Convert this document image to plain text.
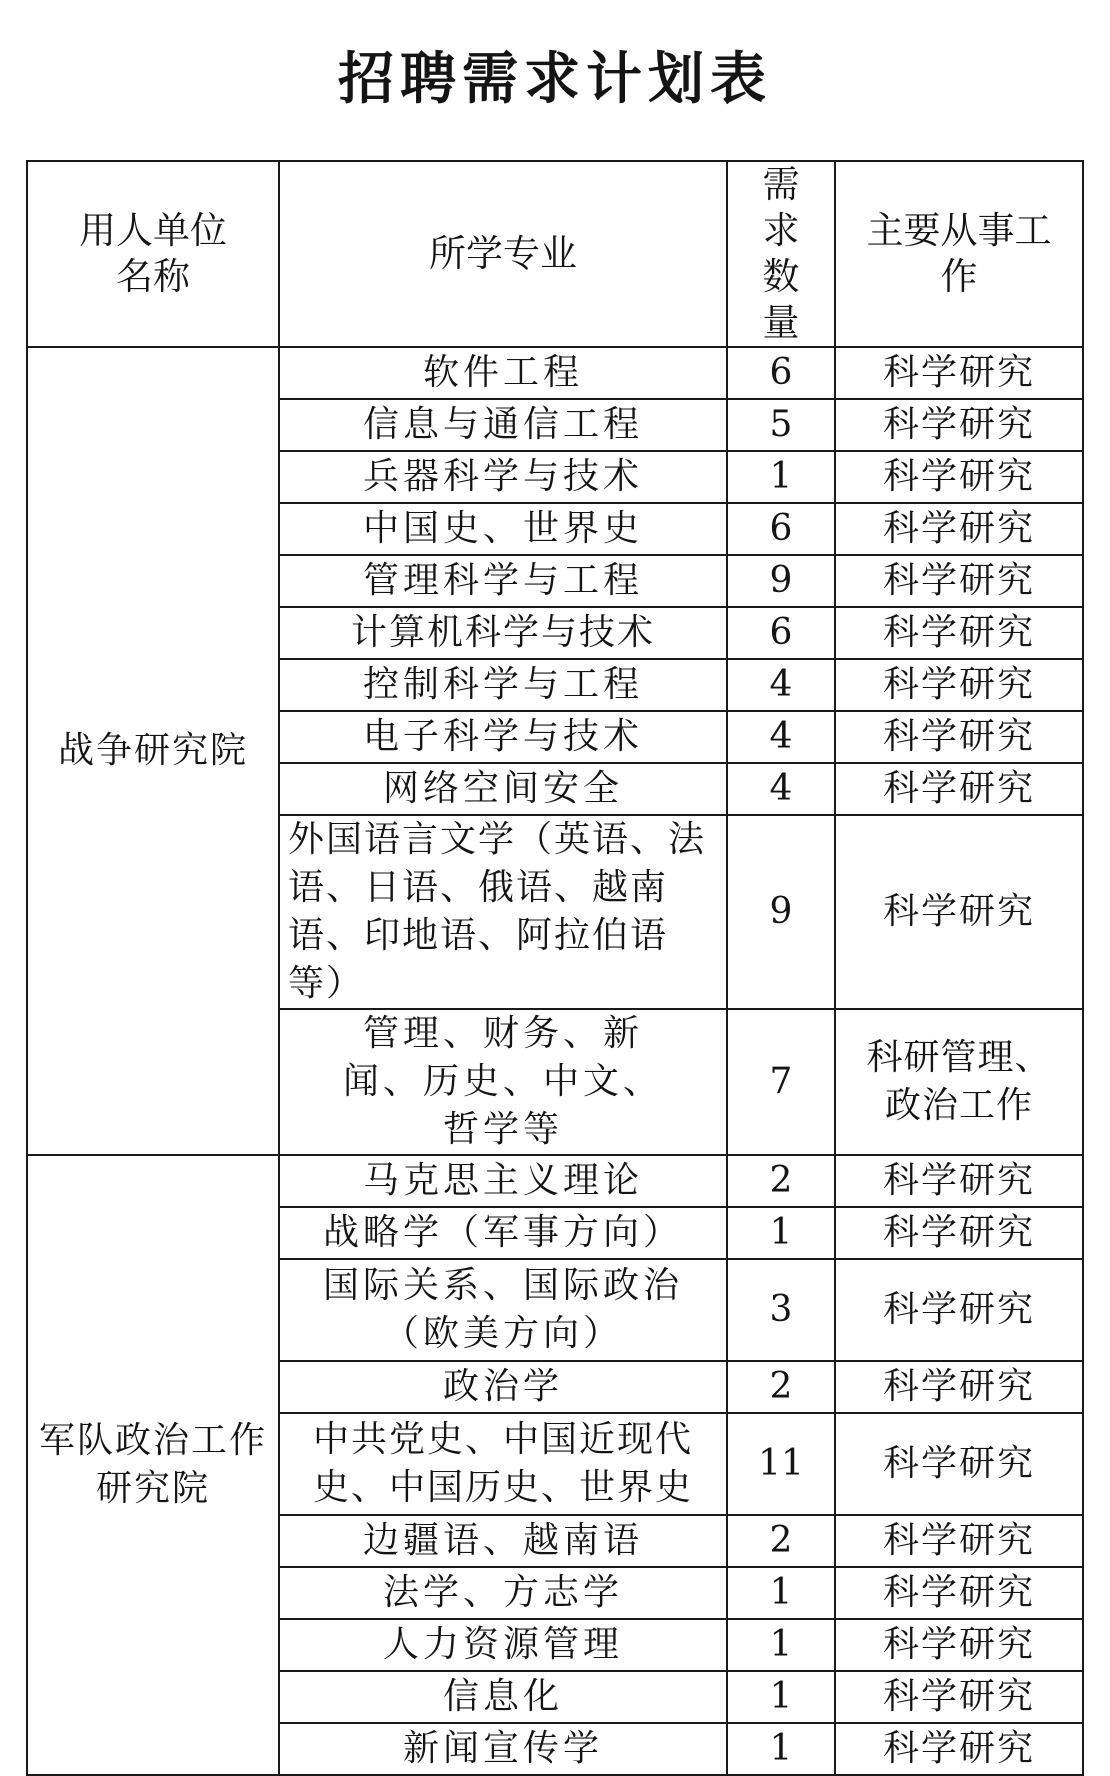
招聘需求计划表
用人单位名称	所学专业	需求数量	主要从事工作
战争研究院	软件工程	6	科学研究
	信息与通信工程	5	科学研究
	兵器科学与技术	1	科学研究
	中国史、世界史	6	科学研究
	管理科学与工程	9	科学研究
	计算机科学与技术	6	科学研究
	控制科学与工程	4	科学研究
	电子科学与技术	4	科学研究
	网络空间安全	4	科学研究
	外国语言文学（英语、法语、日语、俄语、越南语、印地语、阿拉伯语等）	9	科学研究
	管理、财务、新闻、历史、中文、哲学等	7	科研管理、政治工作
军队政治工作研究院	马克思主义理论	2	科学研究
	战略学（军事方向）	1	科学研究
	国际关系、国际政治（欧美方向）	3	科学研究
	政治学	2	科学研究
	中共党史、中国近现代史、中国历史、世界史	11	科学研究
	边疆语、越南语	2	科学研究
	法学、方志学	1	科学研究
	人力资源管理	1	科学研究
	信息化	1	科学研究
	新闻宣传学	1	科学研究
